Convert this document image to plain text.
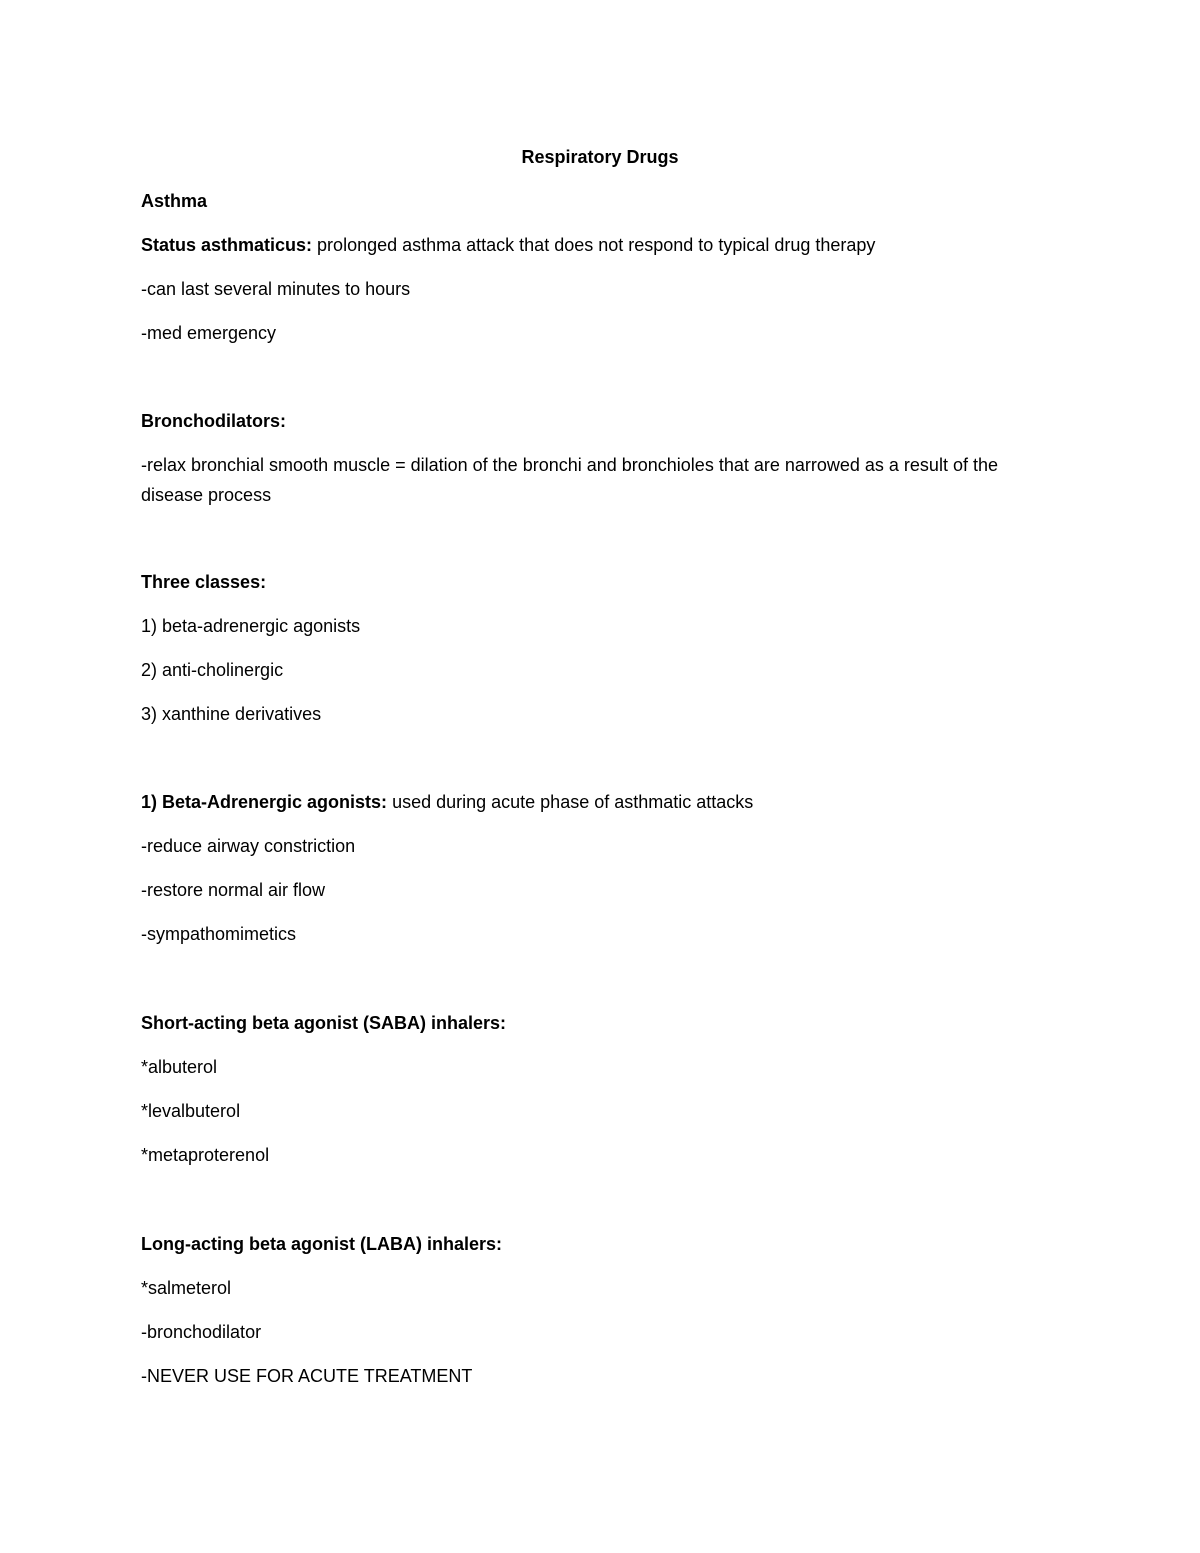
Respiratory Drugs
Asthma
Status asthmaticus: prolonged asthma attack that does not respond to typical drug therapy
-can last several minutes to hours
-med emergency
Bronchodilators:
-relax bronchial smooth muscle = dilation of the bronchi and bronchioles that are narrowed as a result of the disease process
Three classes:
1) beta-adrenergic agonists
2) anti-cholinergic
3) xanthine derivatives
1) Beta-Adrenergic agonists: used during acute phase of asthmatic attacks
-reduce airway constriction
-restore normal air flow
-sympathomimetics
Short-acting beta agonist (SABA) inhalers:
*albuterol
*levalbuterol
*metaproterenol
Long-acting beta agonist (LABA) inhalers:
*salmeterol
-bronchodilator
-NEVER USE FOR ACUTE TREATMENT
